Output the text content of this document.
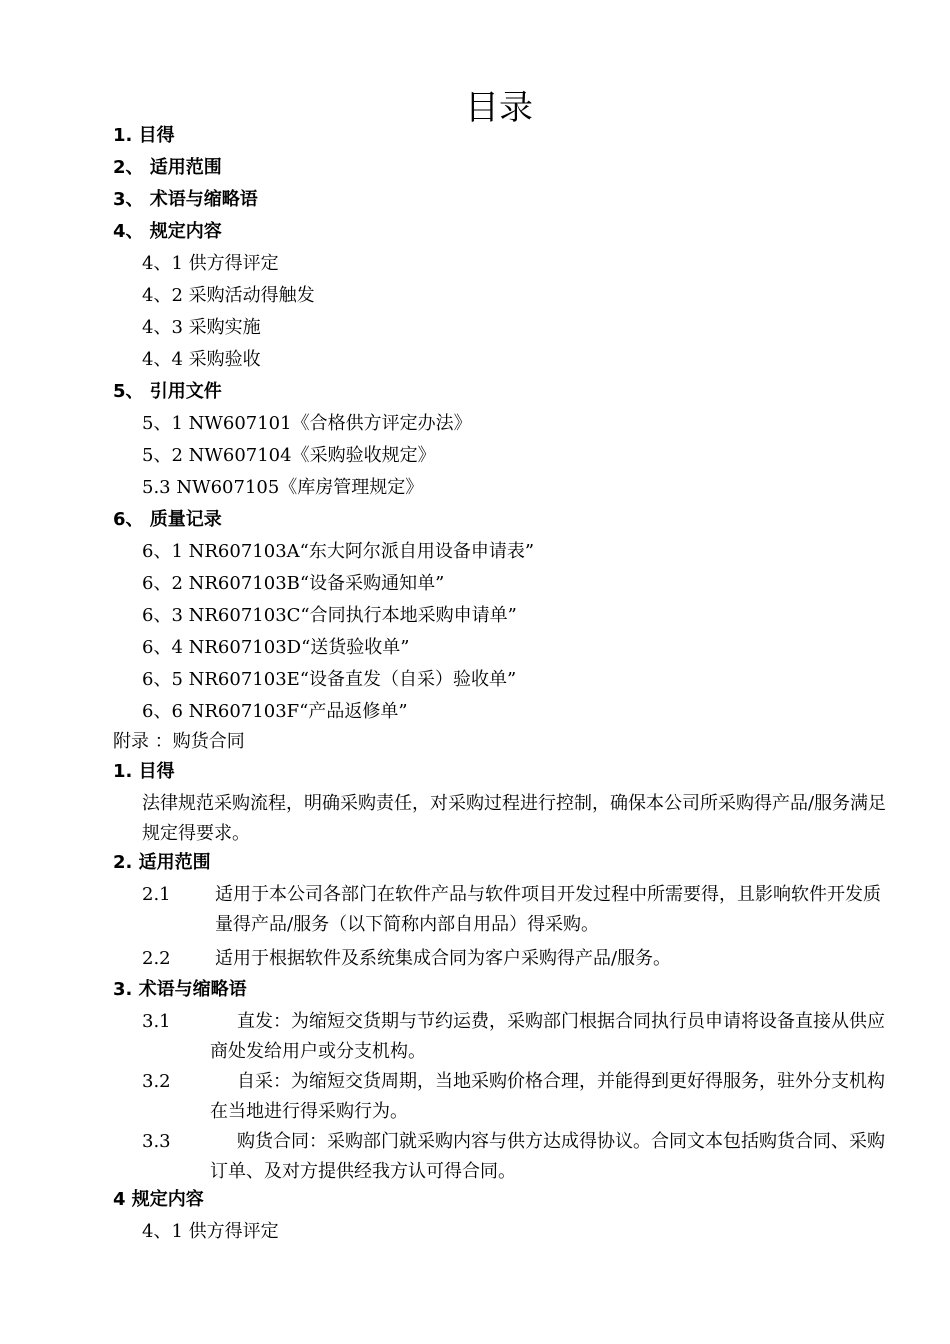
目录
1. 目得
2、 适用范围
3、 术语与缩略语
4、 规定内容
4、1 供方得评定
4、2 采购活动得触发
4、3 采购实施
4、4 采购验收
5、 引用文件
5、1 NW607101《合格供方评定办法》
5、2 NW607104《采购验收规定》
5.3 NW607105《库房管理规定》
6、 质量记录
6、1 NR607103A“东大阿尔派自用设备申请表”
6、2 NR607103B“设备采购通知单”
6、3 NR607103C“合同执行本地采购申请单”
6、4 NR607103D“送货验收单”
6、5 NR607103E“设备直发（自采）验收单”
6、6 NR607103F“产品返修单”
附录 ：购货合同
1. 目得
法律规范采购流程，明确采购责任，对采购过程进行控制，确保本公司所采购得产品/服务满足规定得要求。
2. 适用范围
2.1 适用于本公司各部门在软件产品与软件项目开发过程中所需要得，且影响软件开发质量得产品/服务（以下简称内部自用品）得采购。
2.2 适用于根据软件及系统集成合同为客户采购得产品/服务。
3. 术语与缩略语
3.1	直发：为缩短交货期与节约运费，采购部门根据合同执行员申请将设备直接从供应商处发给用户或分支机构。
3.2	自采：为缩短交货周期，当地采购价格合理，并能得到更好得服务，驻外分支机构在当地进行得采购行为。
3.3	购货合同：采购部门就采购内容与供方达成得协议。合同文本包括购货合同、采购订单、及对方提供经我方认可得合同。
4 规定内容
4、1 供方得评定
